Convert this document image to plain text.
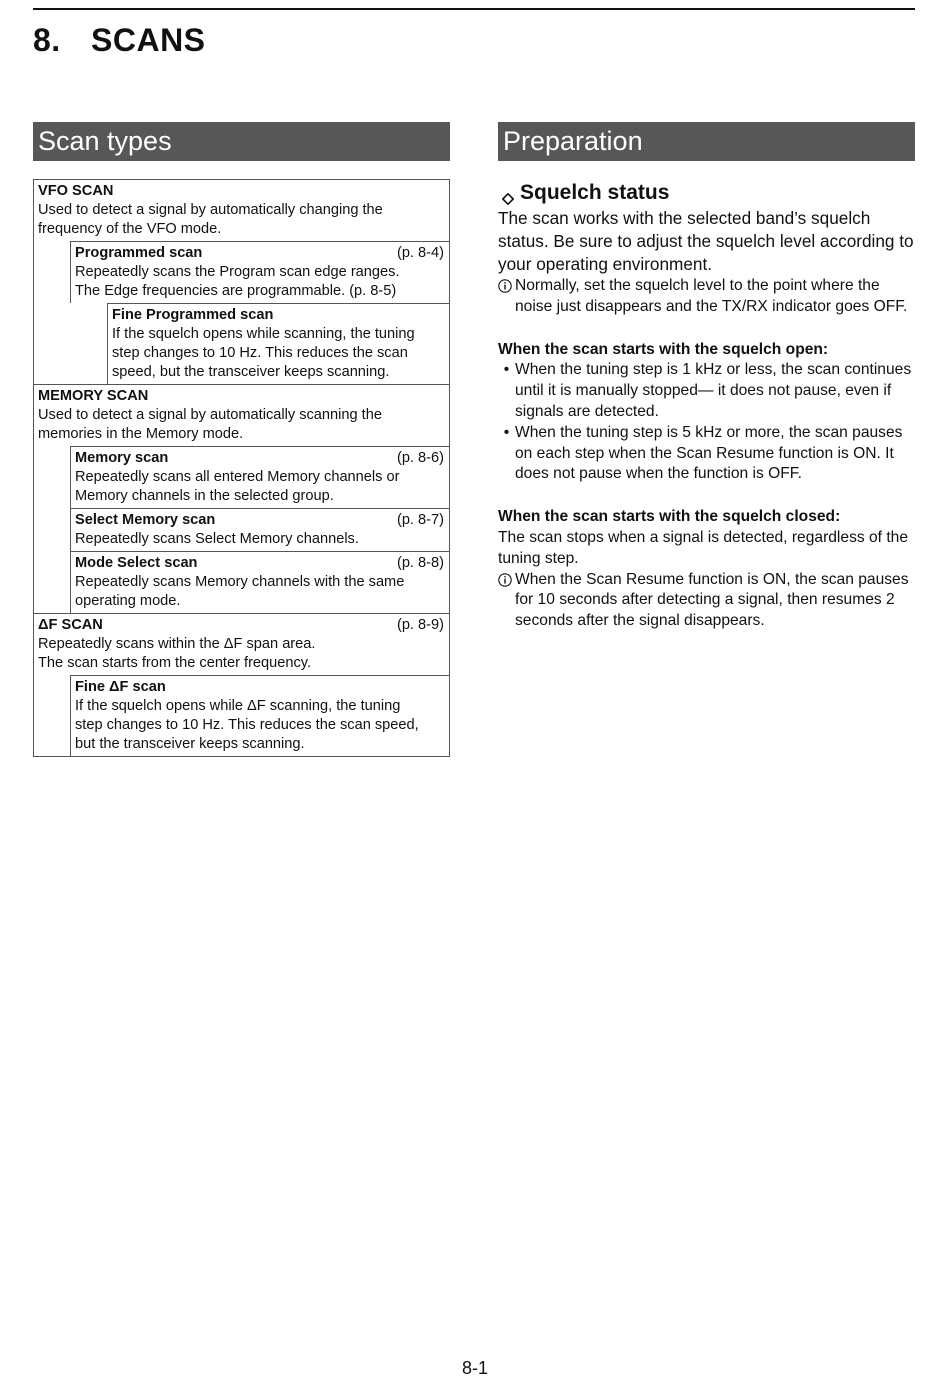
8. SCANS
Scan types
VFO SCAN
Used to detect a signal by automatically changing the
frequency of the VFO mode.
Programmed scan	(p. 8-4)
Repeatedly scans the Program scan edge ranges.
The Edge frequencies are programmable. (p. 8-5)
Fine Programmed scan
If the squelch opens while scanning, the tuning
step changes to 10 Hz. This reduces the scan
speed, but the transceiver keeps scanning.
MEMORY SCAN
Used to detect a signal by automatically scanning the
memories in the Memory mode.
Memory scan	(p. 8-6)
Repeatedly scans all entered Memory channels or
Memory channels in the selected group.
Select Memory scan	(p. 8-7)
Repeatedly scans Select Memory channels.
Mode Select scan	(p. 8-8)
Repeatedly scans Memory channels with the same
operating mode.
ΔF SCAN	(p. 8-9)
Repeatedly scans within the ΔF span area.
The scan starts from the center frequency.
Fine ΔF scan
If the squelch opens while ΔF scanning, the tuning
step changes to 10 Hz. This reduces the scan speed,
but the transceiver keeps scanning.
Preparation
Squelch status
The scan works with the selected band’s squelch status. Be sure to adjust the squelch level according to your operating environment.
Normally, set the squelch level to the point where the noise just disappears and the TX/RX indicator goes OFF.
When the scan starts with the squelch open:
• When the tuning step is 1 kHz or less, the scan continues until it is manually stopped— it does not pause, even if signals are detected.
• When the tuning step is 5 kHz or more, the scan pauses on each step when the Scan Resume function is ON. It does not pause when the function is OFF.
When the scan starts with the squelch closed:
The scan stops when a signal is detected, regardless of the tuning step.
When the Scan Resume function is ON, the scan pauses for 10 seconds after detecting a signal, then resumes 2 seconds after the signal disappears.
8-1
